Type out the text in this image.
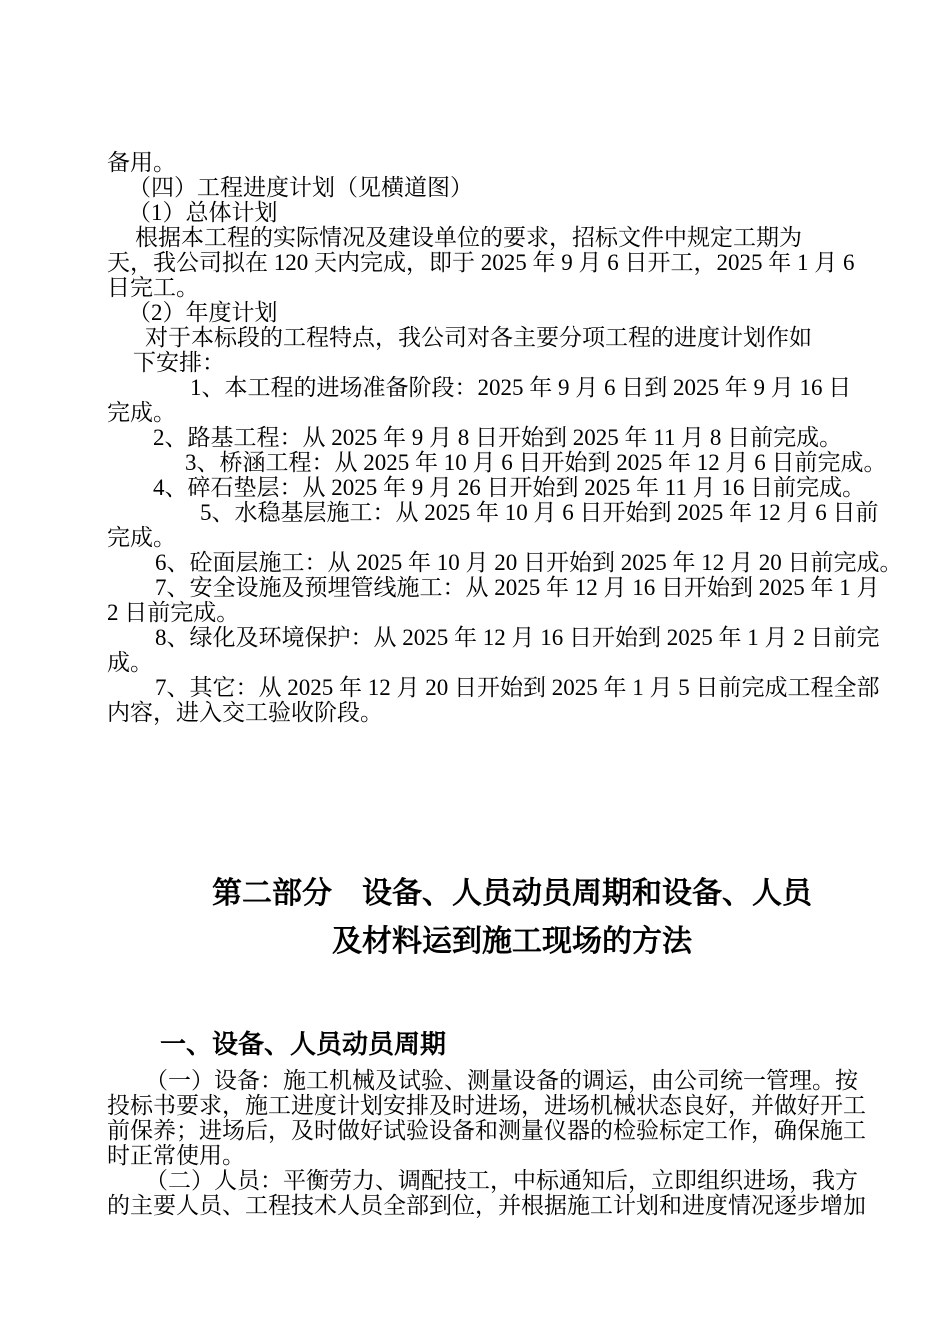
备用。
（四）工程进度计划（见横道图）
（1）总体计划
根据本工程的实际情况及建设单位的要求，招标文件中规定工期为
天，我公司拟在 120 天内完成，即于 2025 年 9 月 6 日开工，2025 年 1 月 6
日完工。
（2）年度计划
对于本标段的工程特点，我公司对各主要分项工程的进度计划作如
下安排：
1、本工程的进场准备阶段：2025 年 9 月 6 日到 2025 年 9 月 16 日
完成。
2、路基工程：从 2025 年 9 月 8 日开始到 2025 年 11 月 8 日前完成。
3、桥涵工程：从 2025 年 10 月 6 日开始到 2025 年 12 月 6 日前完成。
4、碎石垫层：从 2025 年 9 月 26 日开始到 2025 年 11 月 16 日前完成。
5、水稳基层施工：从 2025 年 10 月 6 日开始到 2025 年 12 月 6 日前
完成。
6、砼面层施工：从 2025 年 10 月 20 日开始到 2025 年 12 月 20 日前完成。
7、安全设施及预埋管线施工：从 2025 年 12 月 16 日开始到 2025 年 1 月
2 日前完成。
8、绿化及环境保护：从 2025 年 12 月 16 日开始到 2025 年 1 月 2 日前完
成。
7、其它：从 2025 年 12 月 20 日开始到 2025 年 1 月 5 日前完成工程全部
内容，进入交工验收阶段。
第二部分　设备、人员动员周期和设备、人员
及材料运到施工现场的方法
一、设备、人员动员周期
（一）设备：施工机械及试验、测量设备的调运，由公司统一管理。按
投标书要求，施工进度计划安排及时进场，进场机械状态良好，并做好开工
前保养；进场后，及时做好试验设备和测量仪器的检验标定工作，确保施工
时正常使用。
（二）人员：平衡劳力、调配技工，中标通知后，立即组织进场，我方
的主要人员、工程技术人员全部到位，并根据施工计划和进度情况逐步增加
